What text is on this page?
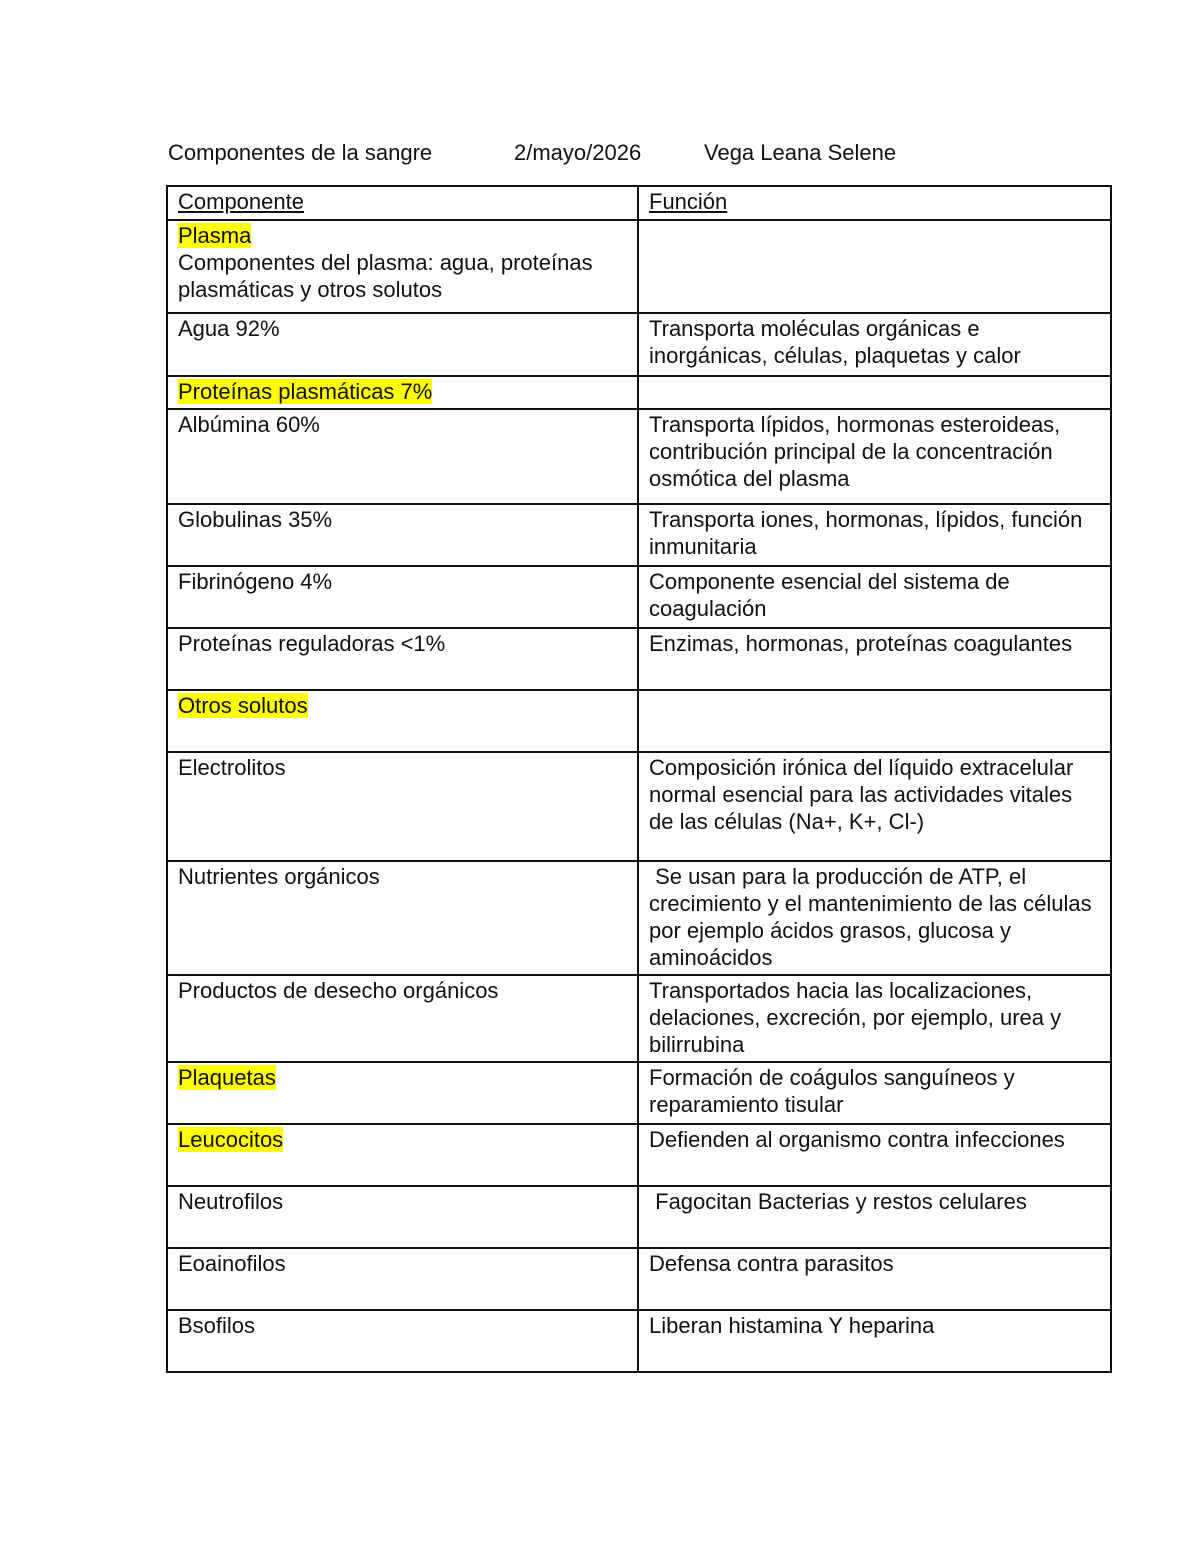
Componentes de la sangre	2/mayo/2026	Vega Leana Selene
Componente	Función
Plasma
Componentes del plasma: agua, proteínas plasmáticas y otros solutos	

Agua 92%	Transporta moléculas orgánicas e inorgánicas, células, plaquetas y calor
Proteínas plasmáticas 7%	
Albúmina 60%	Transporta lípidos, hormonas esteroideas, contribución principal de la concentración osmótica del plasma
Globulinas 35%	Transporta iones, hormonas, lípidos, función inmunitaria
Fibrinógeno 4%	Componente esencial del sistema de coagulación
Proteínas reguladoras <1%	Enzimas, hormonas, proteínas coagulantes
Otros solutos	
Electrolitos	Composición irónica del líquido extracelular normal esencial para las actividades vitales de las células (Na+, K+, Cl-)
Nutrientes orgánicos	Se usan para la producción de ATP, el crecimiento y el mantenimiento de las células por ejemplo ácidos grasos, glucosa y aminoácidos
Productos de desecho orgánicos	Transportados hacia las localizaciones, delaciones, excreción, por ejemplo, urea y bilirrubina
Plaquetas	Formación de coágulos sanguíneos y reparamiento tisular
Leucocitos	Defienden al organismo contra infecciones
Neutrofilos	Fagocitan Bacterias y restos celulares
Eoainofilos	Defensa contra parasitos
Bsofilos	Liberan histamina Y heparina
